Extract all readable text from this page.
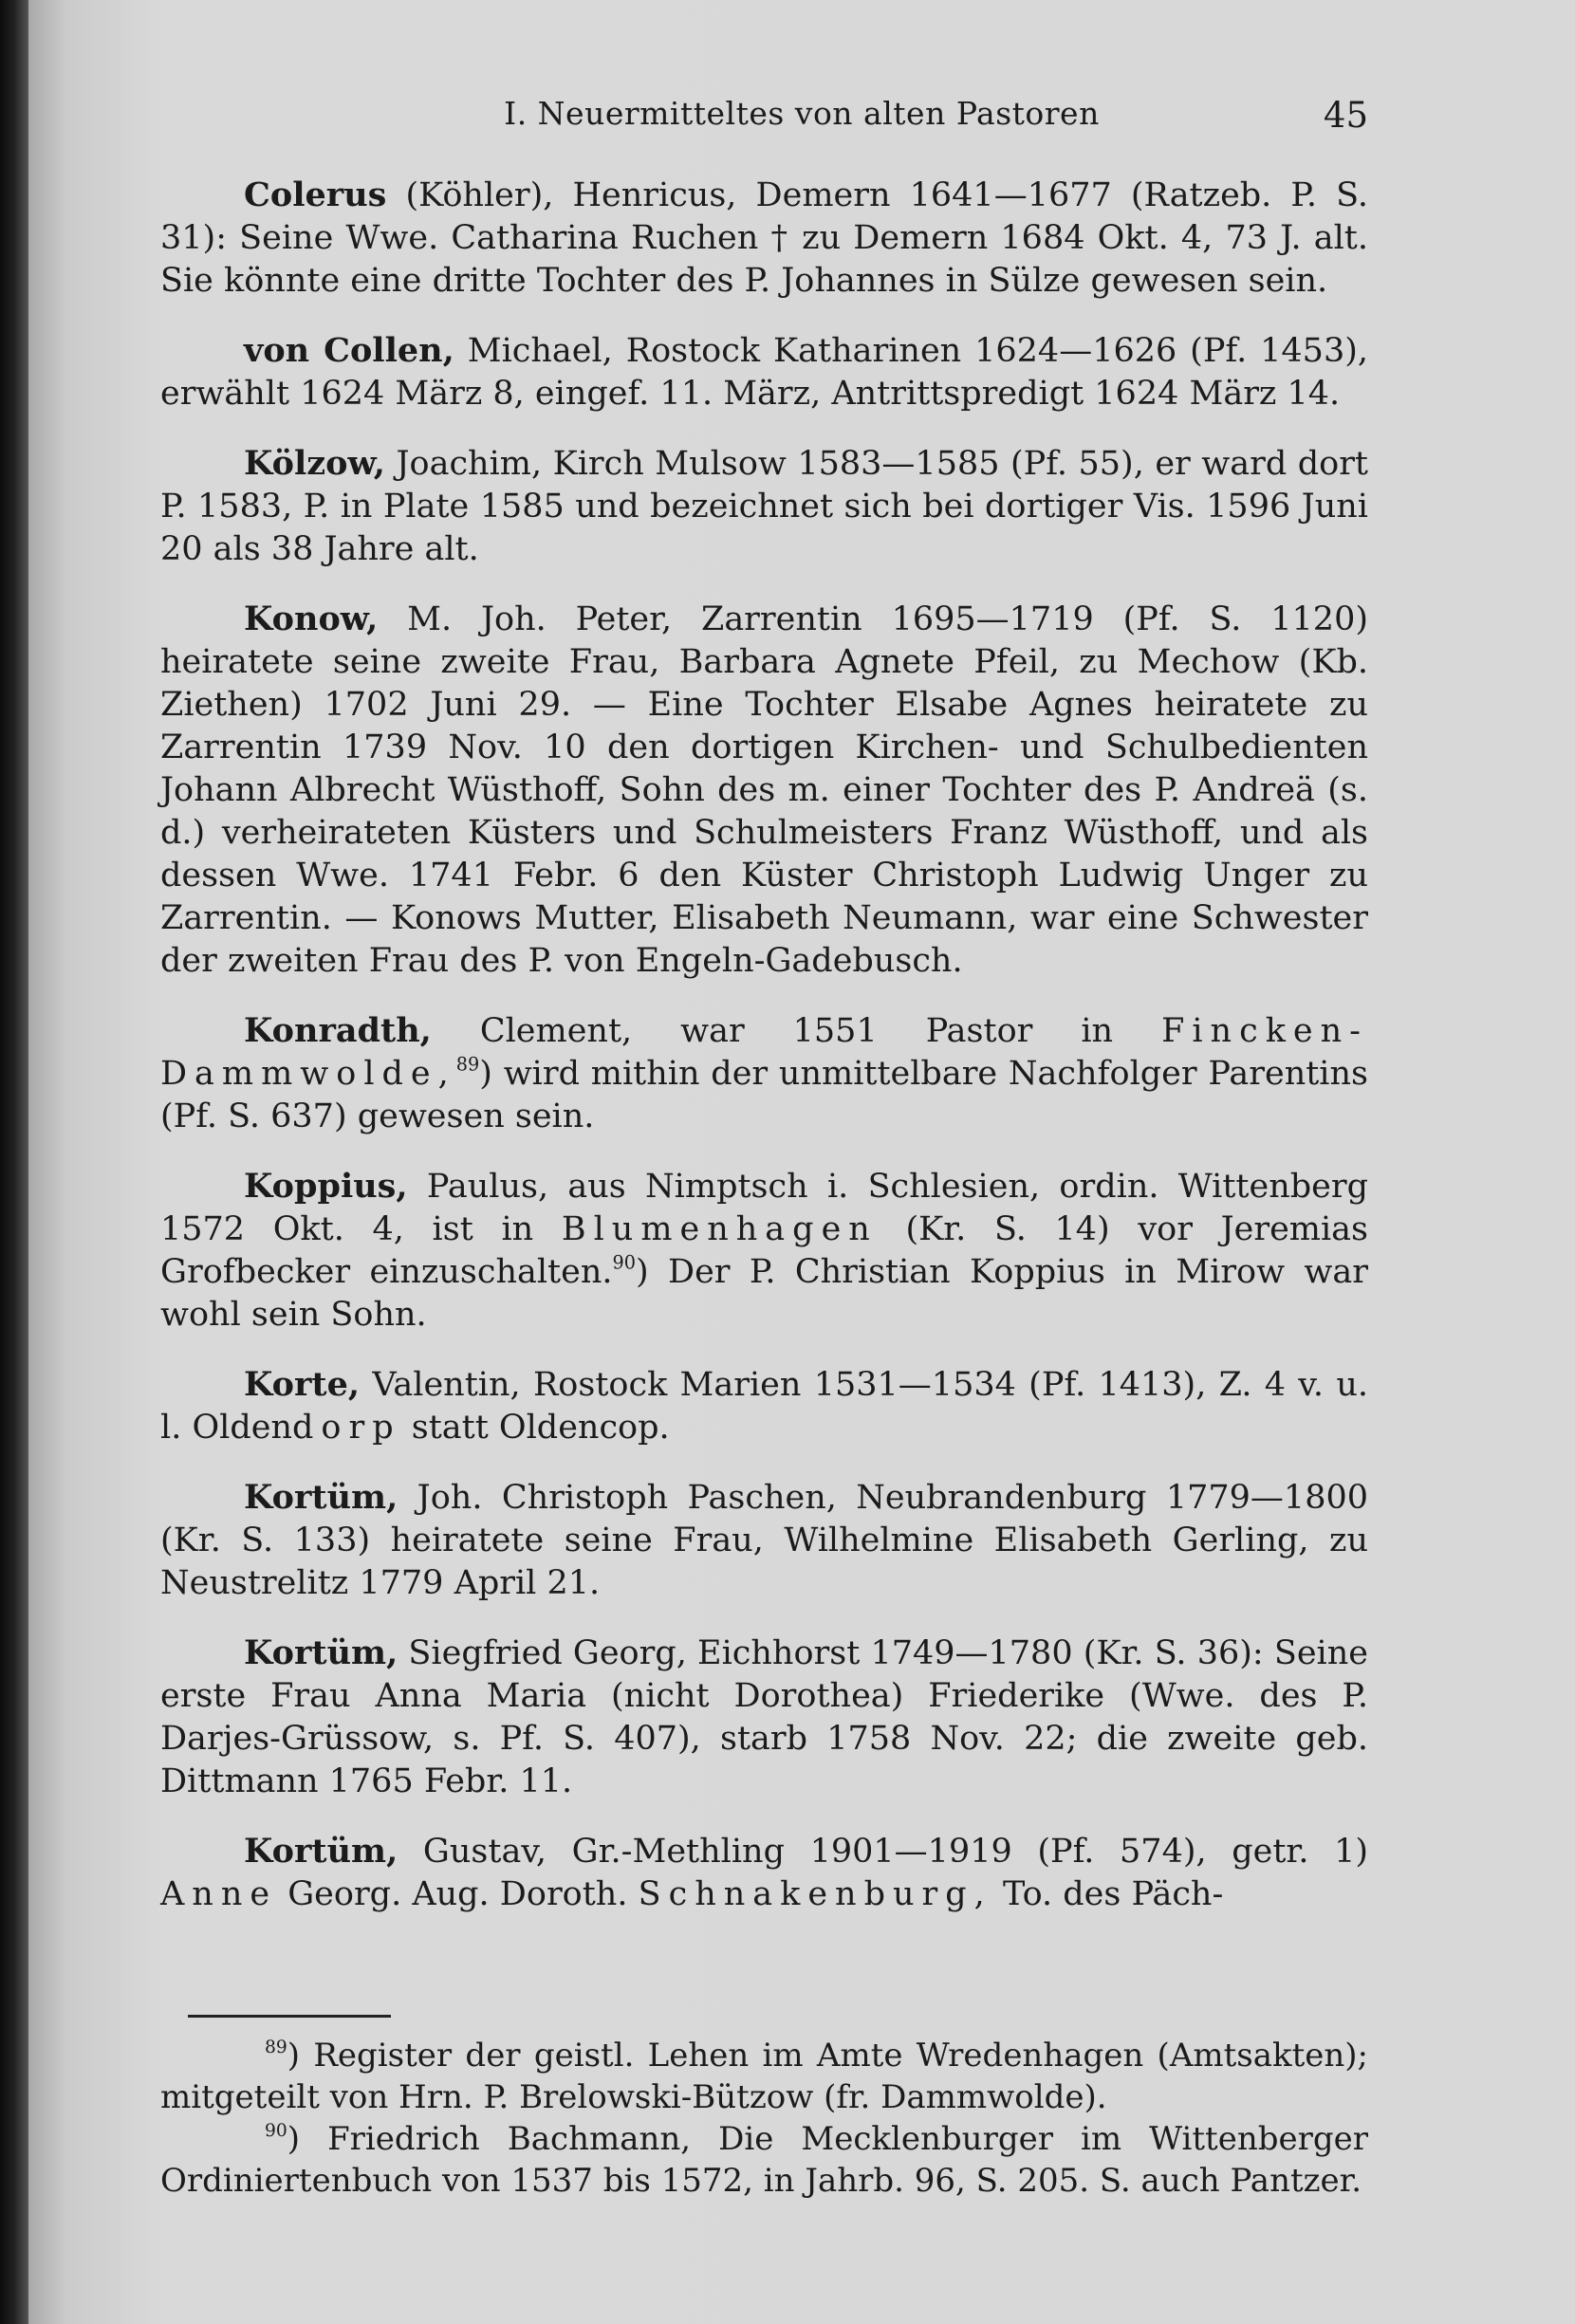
I. Neuermitteltes von alten Pastoren	45

Colerus (Köhler), Henricus, Demern 1641—1677 (Ratzeb. P. S. 31): Seine Wwe. Catharina Ruchen † zu Demern 1684 Okt. 4, 73 J. alt. Sie könnte eine dritte Tochter des P. Johannes in Sülze gewesen sein.

von Collen, Michael, Rostock Katharinen 1624—1626 (Pf. 1453), erwählt 1624 März 8, eingef. 11. März, Antrittspredigt 1624 März 14.

Kölzow, Joachim, Kirch Mulsow 1583—1585 (Pf. 55), er ward dort P. 1583, P. in Plate 1585 und bezeichnet sich bei dortiger Vis. 1596 Juni 20 als 38 Jahre alt.

Konow, M. Joh. Peter, Zarrentin 1695—1719 (Pf. S. 1120) heiratete seine zweite Frau, Barbara Agnete Pfeil, zu Mechow (Kb. Ziethen) 1702 Juni 29. — Eine Tochter Elsabe Agnes heiratete zu Zarrentin 1739 Nov. 10 den dortigen Kirchen- und Schulbedienten Johann Albrecht Wüsthoff, Sohn des m. einer Tochter des P. Andreä (s. d.) verheirateten Küsters und Schulmeisters Franz Wüsthoff, und als dessen Wwe. 1741 Febr. 6 den Küster Christoph Ludwig Unger zu Zarrentin. — Konows Mutter, Elisabeth Neumann, war eine Schwester der zweiten Frau des P. von Engeln-Gadebusch.

Konradth, Clement, war 1551 Pastor in Fincken-Dammwolde,$^{89}$) wird mithin der unmittelbare Nachfolger Parentins (Pf. S. 637) gewesen sein.

Koppius, Paulus, aus Nimptsch i. Schlesien, ordin. Wittenberg 1572 Okt. 4, ist in Blumenhagen (Kr. S. 14) vor Jeremias Grofbecker einzuschalten.$^{90}$) Der P. Christian Koppius in Mirow war wohl sein Sohn.

Korte, Valentin, Rostock Marien 1531—1534 (Pf. 1413), Z. 4 v. u. l. Oldendorp statt Oldencop.

Kortüm, Joh. Christoph Paschen, Neubrandenburg 1779—1800 (Kr. S. 133) heiratete seine Frau, Wilhelmine Elisabeth Gerling, zu Neustrelitz 1779 April 21.

Kortüm, Siegfried Georg, Eichhorst 1749—1780 (Kr. S. 36): Seine erste Frau Anna Maria (nicht Dorothea) Friederike (Wwe. des P. Darjes-Grüssow, s. Pf. S. 407), starb 1758 Nov. 22; die zweite geb. Dittmann 1765 Febr. 11.

Kortüm, Gustav, Gr.-Methling 1901—1919 (Pf. 574), getr. 1) Anne Georg. Aug. Doroth. Schnakenburg, To. des Päch-

$^{89}$) Register der geistl. Lehen im Amte Wredenhagen (Amtsakten); mitgeteilt von Hrn. P. Brelowski-Bützow (fr. Dammwolde).

$^{90}$) Friedrich Bachmann, Die Mecklenburger im Wittenberger Ordiniertenbuch von 1537 bis 1572, in Jahrb. 96, S. 205. S. auch Pantzer.
